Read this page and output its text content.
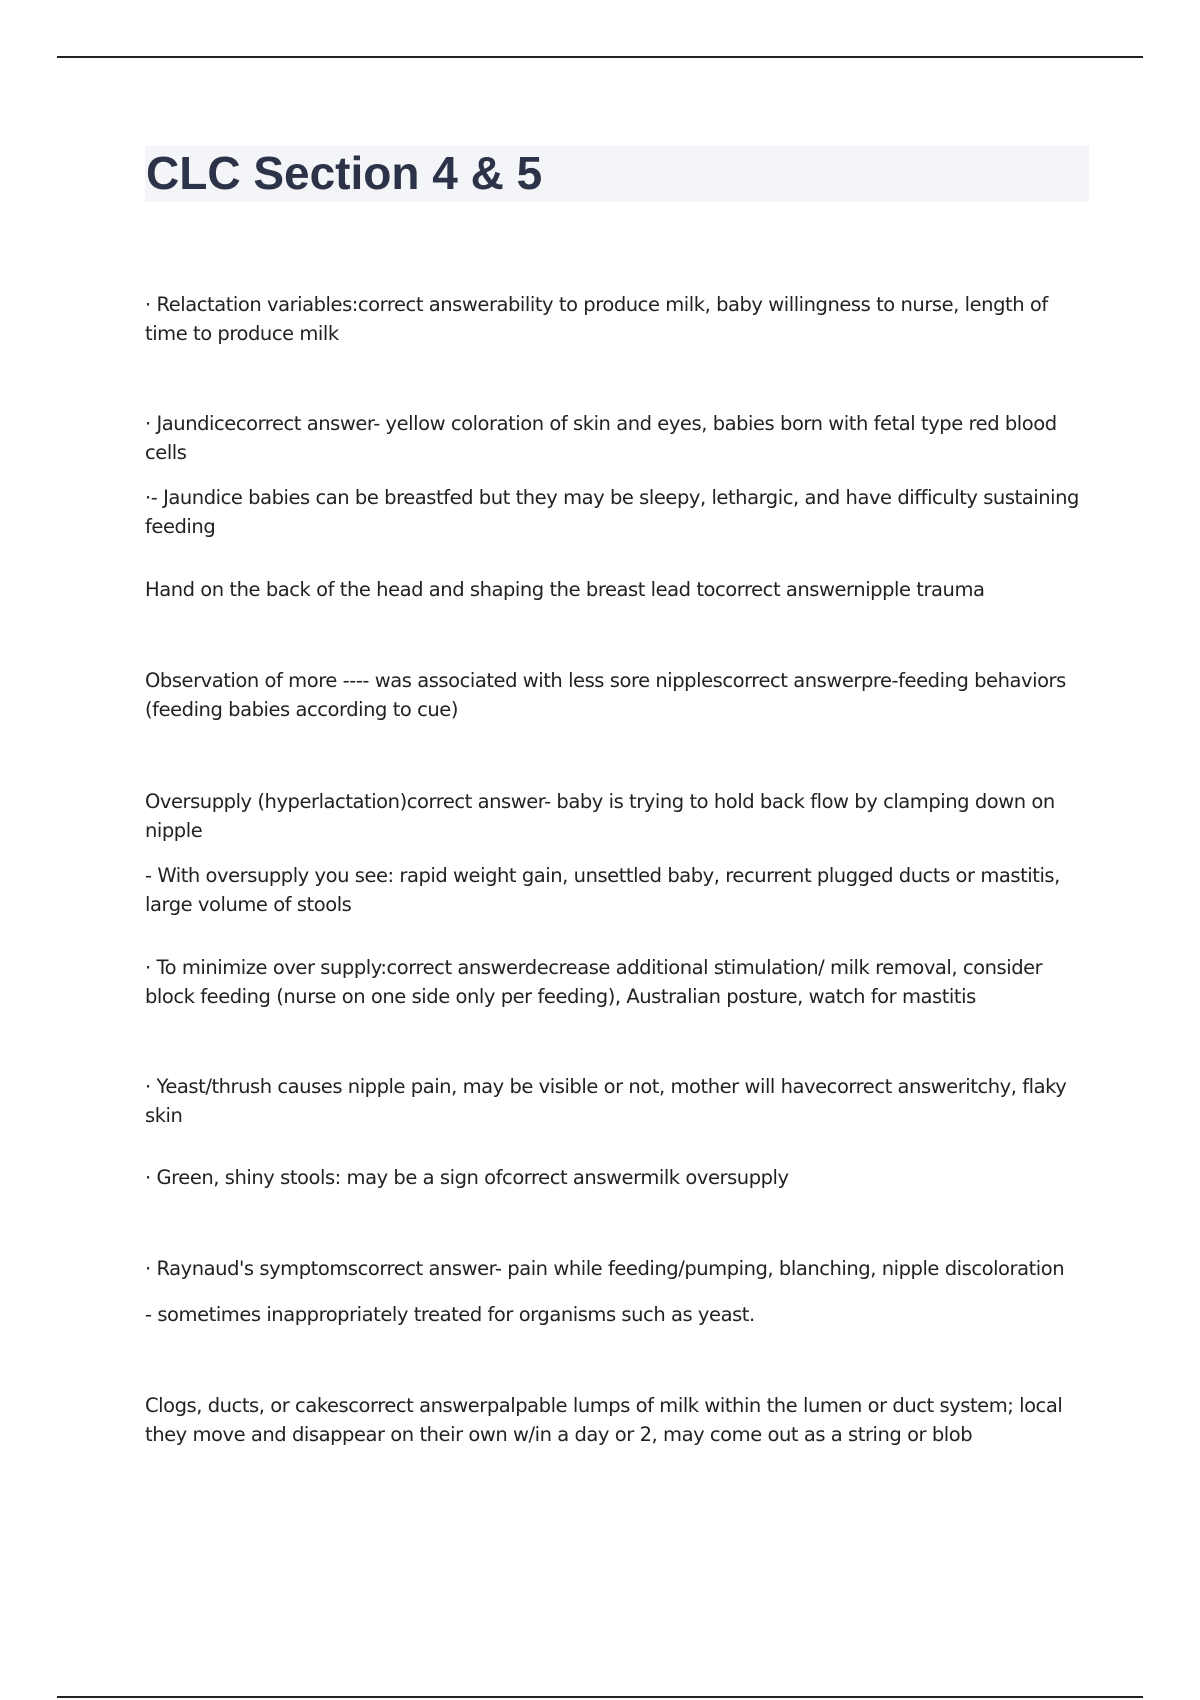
CLC Section 4 & 5

· Relactation variables:correct answerability to produce milk, baby willingness to nurse, length of time to produce milk

· Jaundicecorrect answer- yellow coloration of skin and eyes, babies born with fetal type red blood cells

·- Jaundice babies can be breastfed but they may be sleepy, lethargic, and have difficulty sustaining feeding

Hand on the back of the head and shaping the breast lead tocorrect answernipple trauma

Observation of more ---- was associated with less sore nipplescorrect answerpre-feeding behaviors (feeding babies according to cue)

Oversupply (hyperlactation)correct answer- baby is trying to hold back flow by clamping down on nipple

- With oversupply you see: rapid weight gain, unsettled baby, recurrent plugged ducts or mastitis, large volume of stools

· To minimize over supply:correct answerdecrease additional stimulation/ milk removal, consider block feeding (nurse on one side only per feeding), Australian posture, watch for mastitis

· Yeast/thrush causes nipple pain, may be visible or not, mother will havecorrect answeritchy, flaky skin

· Green, shiny stools: may be a sign ofcorrect answermilk oversupply

· Raynaud's symptomscorrect answer- pain while feeding/pumping, blanching, nipple discoloration

- sometimes inappropriately treated for organisms such as yeast.

Clogs, ducts, or cakescorrect answerpalpable lumps of milk within the lumen or duct system; local they move and disappear on their own w/in a day or 2, may come out as a string or blob
